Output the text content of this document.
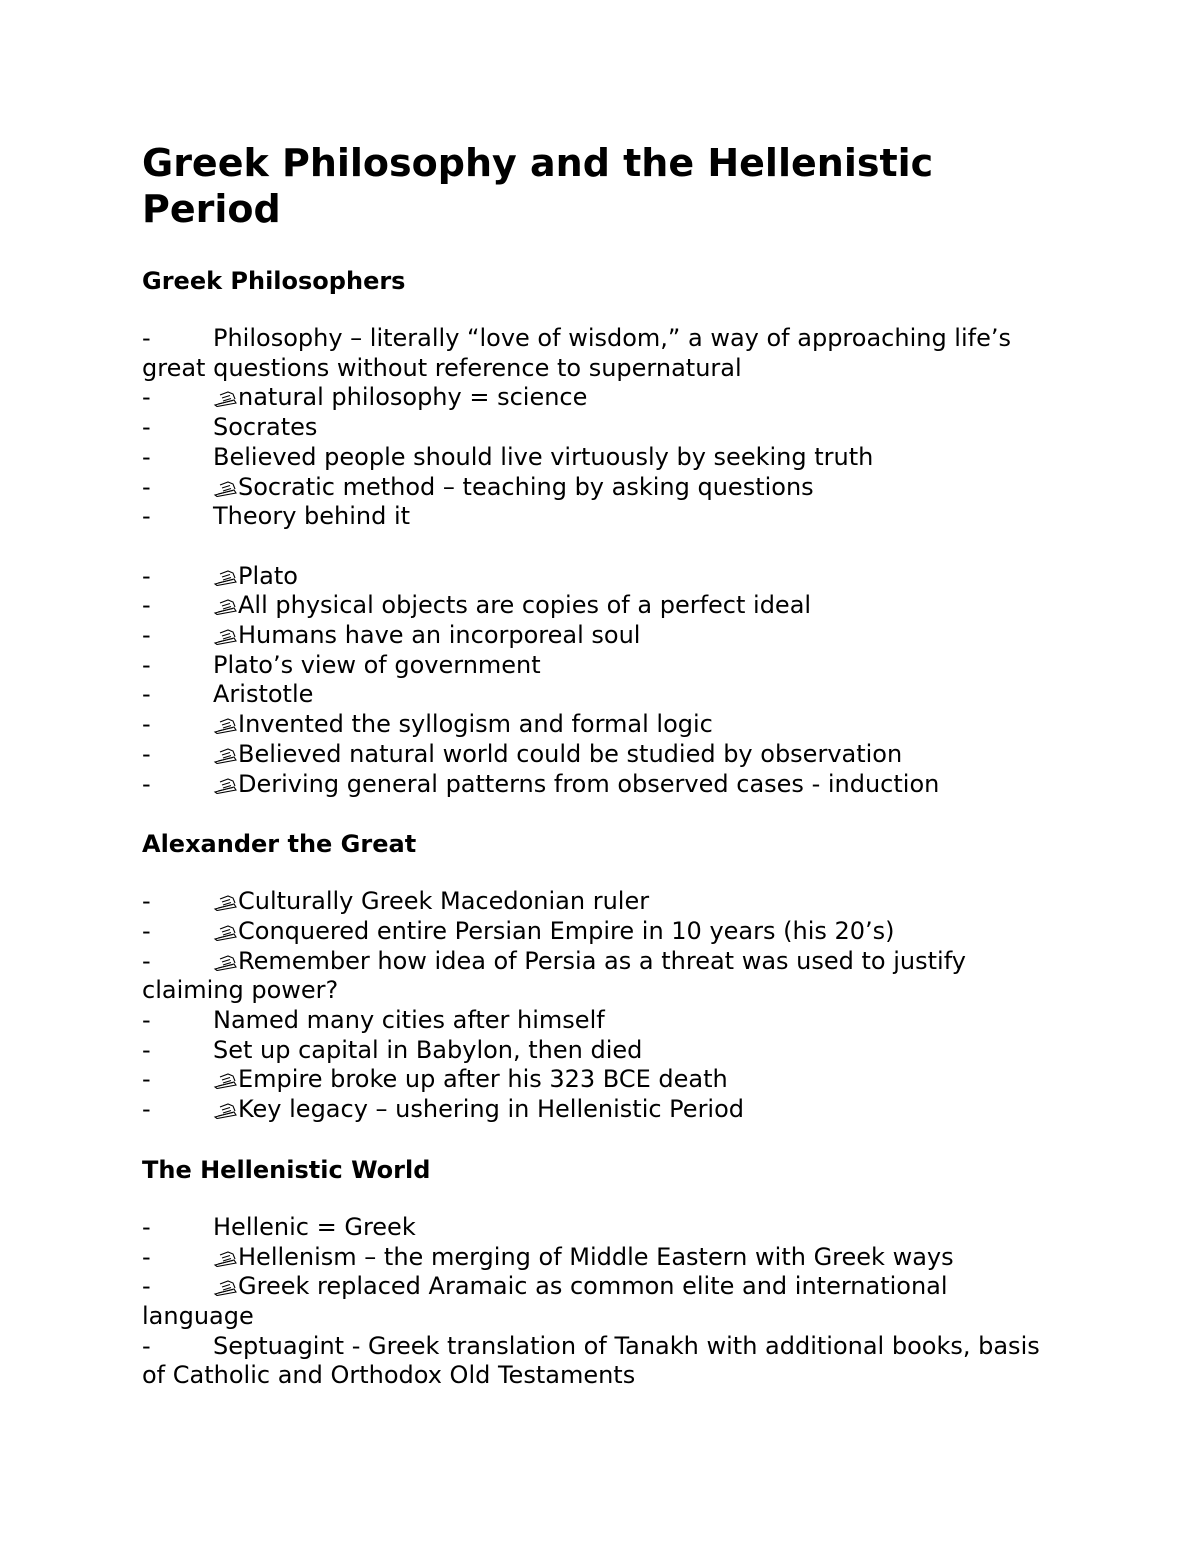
Greek Philosophy and the Hellenistic Period
Greek Philosophers

-	Philosophy – literally “love of wisdom,” a way of approaching life’s great questions without reference to supernatural

-	natural philosophy = science

-	Socrates

-	Believed people should live virtuously by seeking truth

-	Socratic method – teaching by asking questions

-	Theory behind it

-	Plato

-	All physical objects are copies of a perfect ideal

-	Humans have an incorporeal soul

-	Plato’s view of government

-	Aristotle

-	Invented the syllogism and formal logic

-	Believed natural world could be studied by observation

-	Deriving general patterns from observed cases - induction

Alexander the Great

-	Culturally Greek Macedonian ruler

-	Conquered entire Persian Empire in 10 years (his 20’s)

-	Remember how idea of Persia as a threat was used to justify claiming power?

-	Named many cities after himself

-	Set up capital in Babylon, then died

-	Empire broke up after his 323 BCE death

-	Key legacy – ushering in Hellenistic Period

The Hellenistic World

-	Hellenic = Greek

-	Hellenism – the merging of Middle Eastern with Greek ways

-	Greek replaced Aramaic as common elite and international language

-	Septuagint - Greek translation of Tanakh with additional books, basis of Catholic and Orthodox Old Testaments
